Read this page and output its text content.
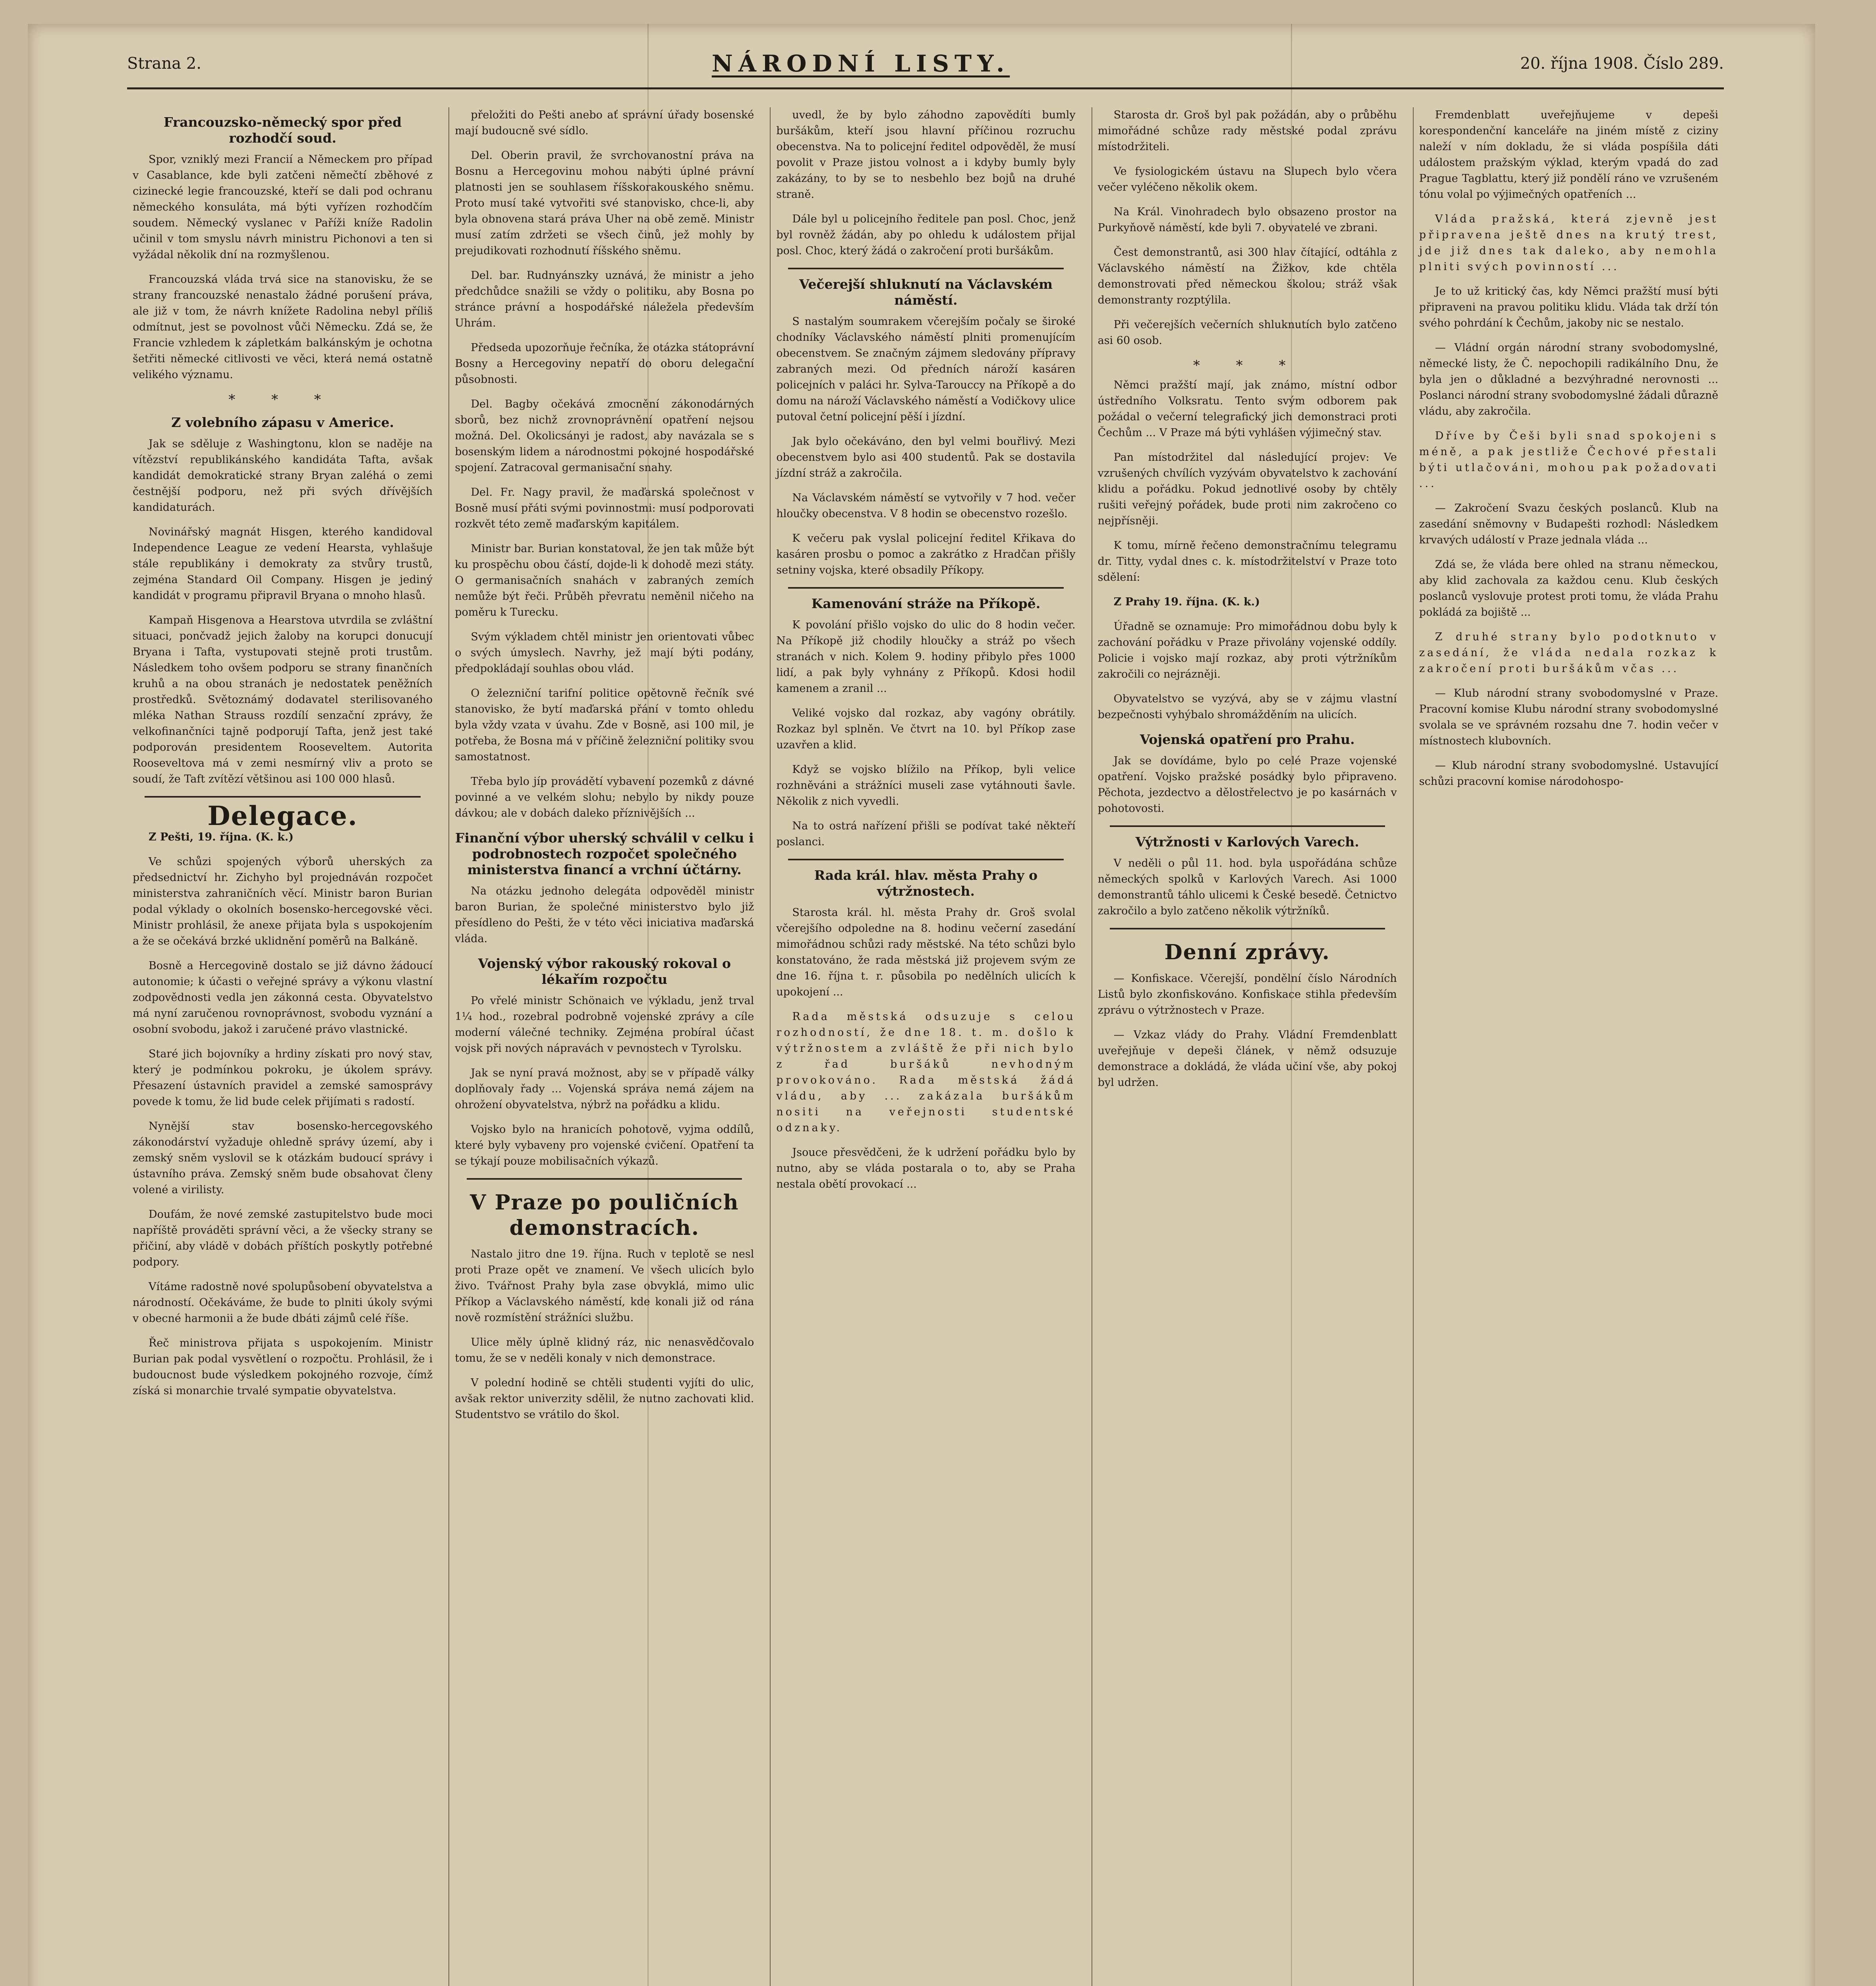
Strana 2.	NÁRODNÍ LISTY.	20. října 1908. Číslo 289.
Francouzsko-německý spor před rozhodčí soud.

Spor, vzniklý mezi Francií a Německem pro případ v Casablance, kde byli zatčeni němečtí zběhové z cizinecké legie francouzské, kteří se dali pod ochranu německého konsuláta, má býti vyřízen rozhodčím soudem. Německý vyslanec v Paříži kníže Radolin učinil v tom smyslu návrh ministru Pichonovi a ten si vyžádal několik dní na rozmyšlenou.

Francouzská vláda trvá sice na stanovisku, že se strany francouzské nenastalo žádné porušení práva, ale již v tom, že návrh knížete Radolina nebyl příliš odmítnut, jest se povolnost vůči Německu. Zdá se, že Francie vzhledem k zápletkám balkánským je ochotna šetřiti německé citlivosti ve věci, která nemá ostatně velikého významu.

* * *
Z volebního zápasu v Americe.

Jak se sděluje z Washingtonu, klon se naděje na vítězství republikánského kandidáta Tafta, avšak kandidát demokratické strany Bryan zaléhá o zemi čestnější podporu, než při svých dřívějších kandidaturách.

Novinářský magnát Hisgen, kterého kandidoval Independence League ze vedení Hearsta, vyhlašuje stále republikány i demokraty za stvůry trustů, zejména Standard Oil Company. Hisgen je jediný kandidát v programu připravil Bryana o mnoho hlasů.

Kampaň Hisgenova a Hearstova utvrdila se zvláštní situaci, pončvadž jejich žaloby na korupci donucují Bryana i Tafta, vystupovati stejně proti trustům. Následkem toho ovšem podporu se strany finančních kruhů a na obou stranách je nedostatek peněžních prostředků. Světoznámý dodavatel sterilisovaného mléka Nathan Strauss rozdílí senzační zprávy, že velkofinančníci tajně podporují Tafta, jenž jest také podporován presidentem Rooseveltem. Autorita Rooseveltova má v zemi nesmírný vliv a proto se soudí, že Taft zvítězí většinou asi 100 000 hlasů.

Delegace.

Z Pešti, 19. října. (K. k.)

Ve schůzi spojených výborů uherských za předsednictví hr. Zichyho byl projednáván rozpočet ministerstva zahraničních věcí. Ministr baron Burian podal výklady o okolních bosensko-hercegovské věci. Ministr prohlásil, že anexe přijata byla s uspokojením a že se očekává brzké uklidnění poměrů na Balkáně.

Bosně a Hercegovině dostalo se již dávno žádoucí autonomie; k účasti o veřejné správy a výkonu vlastní zodpovědnosti vedla jen zákonná cesta. Obyvatelstvo má nyní zaručenou rovnoprávnost, svobodu vyznání a osobní svobodu, jakož i zaručené právo vlastnické.

Staré jich bojovníky a hrdiny získati pro nový stav, který je podmínkou pokroku, je úkolem správy. Přesazení ústavních pravidel a zemské samosprávy povede k tomu, že lid bude celek přijímati s radostí.

Nynější stav bosensko-hercegovského zákonodárství vyžaduje ohledně správy území, aby i zemský sněm vyslovil se k otázkám budoucí správy i ústavního práva. Zemský sněm bude obsahovat členy volené a virilisty.

Doufám, že nové zemské zastupitelstvo bude moci napříště prováděti správní věci, a že všecky strany se přičiní, aby vládě v dobách příštích poskytly potřebné podpory.

Vítáme radostně nové spolupůsobení obyvatelstva a národností. Očekáváme, že bude to plniti úkoly svými v obecné harmonii a že bude dbáti zájmů celé říše.

Řeč ministrova přijata s uspokojením. Ministr Burian pak podal vysvětlení o rozpočtu. Prohlásil, že i budoucnost bude výsledkem pokojného rozvoje, čímž získá si monarchie trvalé sympatie obyvatelstva.

přeložiti do Pešti anebo ať správní úřady bosenské mají budoucně své sídlo.

Del. Oberin pravil, že svrchovanostní práva na Bosnu a Hercegovinu mohou nabýti úplné právní platnosti jen se souhlasem říšskorakouského sněmu. Proto musí také vytvořiti své stanovisko, chce-li, aby byla obnovena stará práva Uher na obě země. Ministr musí zatím zdržeti se všech činů, jež mohly by prejudikovati rozhodnutí říšského sněmu.

Del. bar. Rudnyánszky uznává, že ministr a jeho předchůdce snažili se vždy o politiku, aby Bosna po stránce právní a hospodářské náležela především Uhrám.

Předseda upozorňuje řečníka, že otázka státoprávní Bosny a Hercegoviny nepatří do oboru delegační působnosti.

Del. Bagby očekává zmocnění zákonodárných sborů, bez nichž zrovnoprávnění opatření nejsou možná. Del. Okolicsányi je radost, aby navázala se s bosenským lidem a národnostmi pokojné hospodářské spojení. Zatracoval germanisační snahy.

Del. Fr. Nagy pravil, že maďarská společnost v Bosně musí přáti svými povinnostmi: musí podporovati rozkvět této země maďarským kapitálem.

Ministr bar. Burian konstatoval, že jen tak může být ku prospěchu obou částí, dojde-li k dohodě mezi státy. O germanisačních snahách v zabraných zemích nemůže být řeči. Průběh převratu neměnil ničeho na poměru k Turecku.

Svým výkladem chtěl ministr jen orientovati vůbec o svých úmyslech. Navrhy, jež mají býti podány, předpokládají souhlas obou vlád.

O železniční tarifní politice opětovně řečník své stanovisko, že bytí maďarská přání v tomto ohledu byla vždy vzata v úvahu. Zde v Bosně, asi 100 mil, je potřeba, že Bosna má v příčině železniční politiky svou samostatnost.

Třeba bylo jíp provádětí vybavení pozemků z dávné povinné a ve velkém slohu; nebylo by nikdy pouze dávkou; ale v dobách daleko příznivějších ...

Finanční výbor uherský schválil v celku i podrobnostech rozpočet společného ministerstva financí a vrchní účtárny.

Na otázku jednoho delegáta odpověděl ministr baron Burian, že společné ministerstvo bylo již přesídleno do Pešti, že v této věci iniciativa maďarská vláda.

Vojenský výbor rakouský rokoval o lékařím rozpočtu

Po vřelé ministr Schönaich ve výkladu, jenž trval 1¼ hod., rozebral podrobně vojenské zprávy a cíle moderní válečné techniky. Zejména probíral účast vojsk při nových nápravách v pevnostech v Tyrolsku.

Jak se nyní pravá možnost, aby se v případě války doplňovaly řady ... Vojenská správa nemá zájem na ohrožení obyvatelstva, nýbrž na pořádku a klidu.

Vojsko bylo na hranicích pohotově, vyjma oddílů, které byly vybaveny pro vojenské cvičení. Opatření ta se týkají pouze mobilisačních výkazů.

V Praze po pouličních demonstracích.

Nastalo jitro dne 19. října. Ruch v teplotě se nesl proti Praze opět ve znamení. Ve všech ulicích bylo živo. Tvářnost Prahy byla zase obvyklá, mimo ulic Příkop a Václavského náměstí, kde konali již od rána nově rozmístění strážníci službu.

Ulice měly úplně klidný ráz, nic nenasvědčovalo tomu, že se v neděli konaly v nich demonstrace.

V polední hodině se chtěli studenti vyjíti do ulic, avšak rektor univerzity sdělil, že nutno zachovati klid. Studentstvo se vrátilo do škol.

uvedl, že by bylo záhodno zapovědíti bumly buršákům, kteří jsou hlavní příčinou rozruchu obecenstva. Na to policejní ředitel odpověděl, že musí povolit v Praze jistou volnost a i kdyby bumly byly zakázány, to by se to nesbehlo bez bojů na druhé straně.

Dále byl u policejního ředitele pan posl. Choc, jenž byl rovněž žádán, aby po ohledu k událostem přijal posl. Choc, který žádá o zakročení proti buršákům.

Večerejší shluknutí na Václavském náměstí.

S nastalým soumrakem včerejším počaly se široké chodníky Václavského náměstí plniti promenujícím obecenstvem. Se značným zájmem sledovány přípravy zabraných mezi. Od předních nároží kasáren policejních v paláci hr. Sylva-Tarouccy na Příkopě a do domu na nároží Václavského náměstí a Vodičkovy ulice putoval četní policejní pěší i jízdní.

Jak bylo očekáváno, den byl velmi bouřlivý. Mezi obecenstvem bylo asi 400 studentů. Pak se dostavila jízdní stráž a zakročila.

Na Václavském náměstí se vytvořily v 7 hod. večer hloučky obecenstva. V 8 hodin se obecenstvo rozešlo.

K večeru pak vyslal policejní ředitel Křikava do kasáren prosbu o pomoc a zakrátko z Hradčan přišly setniny vojska, které obsadily Příkopy.

Kamenování stráže na Příkopě.

K povolání přišlo vojsko do ulic do 8 hodin večer. Na Příkopě již chodily hloučky a stráž po všech stranách v nich. Kolem 9. hodiny přibylo přes 1000 lidí, a pak byly vyhnány z Příkopů. Kdosi hodil kamenem a zranil ...

Veliké vojsko dal rozkaz, aby vagóny obrátily. Rozkaz byl splněn. Ve čtvrt na 10. byl Příkop zase uzavřen a klid.

Když se vojsko blížilo na Příkop, byli velice rozhněváni a strážníci museli zase vytáhnouti šavle. Několik z nich vyvedli.

Na to ostrá nařízení přišli se podívat také někteří poslanci.

Rada král. hlav. města Prahy o výtržnostech.

Starosta král. hl. města Prahy dr. Groš svolal včerejšího odpoledne na 8. hodinu večerní zasedání mimořádnou schůzi rady městské. Na této schůzi bylo konstatováno, že rada městská již projevem svým ze dne 16. října t. r. působila po nedělních ulicích k upokojení ...

Rada městská odsuzuje s celou rozhodností, že dne 18. t. m. došlo k výtržnostem a zvláště že při nich bylo z řad buršáků nevhodným provokováno. Rada městská žádá vládu, aby ... zakázala buršákům nositi na veřejnosti studentské odznaky.

Jsouce přesvědčeni, že k udržení pořádku bylo by nutno, aby se vláda postarala o to, aby se Praha nestala obětí provokací ...

Starosta dr. Groš byl pak požádán, aby o průběhu mimořádné schůze rady městské podal zprávu místodržiteli.

Ve fysiologickém ústavu na Slupech bylo včera večer vyléčeno několik okem.

Na Král. Vinohradech bylo obsazeno prostor na Purkyňově náměstí, kde byli 7. obyvatelé ve zbrani.

Čest demonstrantů, asi 300 hlav čítající, odtáhla z Václavského náměstí na Žižkov, kde chtěla demonstrovati před německou školou; stráž však demonstranty rozptýlila.

Při večerejších večerních shluknutích bylo zatčeno asi 60 osob.

* * *

Němci pražští mají, jak známo, místní odbor ústředního Volksratu. Tento svým odborem pak požádal o večerní telegrafický jich demonstraci proti Čechům ... V Praze má býti vyhlášen výjimečný stav.

Pan místodržitel dal následující projev: Ve vzrušených chvílích vyzývám obyvatelstvo k zachování klidu a pořádku. Pokud jednotlivé osoby by chtěly rušiti veřejný pořádek, bude proti nim zakročeno co nejpřísněji.

K tomu, mírně řečeno demonstračnímu telegramu dr. Titty, vydal dnes c. k. místodržitelství v Praze toto sdělení:

Z Prahy 19. října. (K. k.)

Úřadně se oznamuje: Pro mimořádnou dobu byly k zachování pořádku v Praze přivolány vojenské oddíly. Policie i vojsko mají rozkaz, aby proti výtržníkům zakročili co nejrázněji.

Obyvatelstvo se vyzývá, aby se v zájmu vlastní bezpečnosti vyhýbalo shromážděním na ulicích.

Vojenská opatření pro Prahu.

Jak se dovídáme, bylo po celé Praze vojenské opatření. Vojsko pražské posádky bylo připraveno. Pěchota, jezdectvo a dělostřelectvo je po kasárnách v pohotovosti.

Výtržnosti v Karlových Varech.

V neděli o půl 11. hod. byla uspořádána schůze německých spolků v Karlových Varech. Asi 1000 demonstrantů táhlo ulicemi k České besedě. Četnictvo zakročilo a bylo zatčeno několik výtržníků.

Denní zprávy.

— Konfiskace. Včerejší, pondělní číslo Národních Listů bylo zkonfiskováno. Konfiskace stihla především zprávu o výtržnostech v Praze.

— Vzkaz vlády do Prahy. Vládní Fremdenblatt uveřejňuje v depeši článek, v němž odsuzuje demonstrace a dokládá, že vláda učiní vše, aby pokoj byl udržen.

Fremdenblatt uveřejňujeme v depeši korespondenční kanceláře na jiném místě z ciziny naleží v ním dokladu, že si vláda pospíšila dáti událostem pražským výklad, kterým vpadá do zad Prague Tagblattu, který již pondělí ráno ve vzrušeném tónu volal po výjimečných opatřeních ...

Vláda pražská, která zjevně jest připravena ještě dnes na krutý trest, jde již dnes tak daleko, aby nemohla plniti svých povinností ...

Je to už kritický čas, kdy Němci pražští musí býti připraveni na pravou politiku klidu. Vláda tak drží tón svého pohrdání k Čechům, jakoby nic se nestalo.

— Vládní orgán národní strany svobodomyslné, německé listy, že Č. nepochopili radikálního Dnu, že byla jen o důkladné a bezvýhradné nerovnosti ... Poslanci národní strany svobodomyslné žádali důrazně vládu, aby zakročila.

Dříve by Češi byli snad spokojeni s méně, a pak jestliže Čechové přestali býti utlačováni, mohou pak požadovati ...

— Zakročení Svazu českých poslanců. Klub na zasedání sněmovny v Budapešti rozhodl: Následkem krvavých událostí v Praze jednala vláda ...

Zdá se, že vláda bere ohled na stranu německou, aby klid zachovala za každou cenu. Klub českých poslanců vyslovuje protest proti tomu, že vláda Prahu pokládá za bojiště ...

Z druhé strany bylo podotknuto v zasedání, že vláda nedala rozkaz k zakročení proti buršákům včas ...

— Klub národní strany svobodomyslné v Praze. Pracovní komise Klubu národní strany svobodomyslné svolala se ve správném rozsahu dne 7. hodin večer v místnostech klubovních.

— Klub národní strany svobodomyslné. Ustavující schůzi pracovní komise národohospo-
